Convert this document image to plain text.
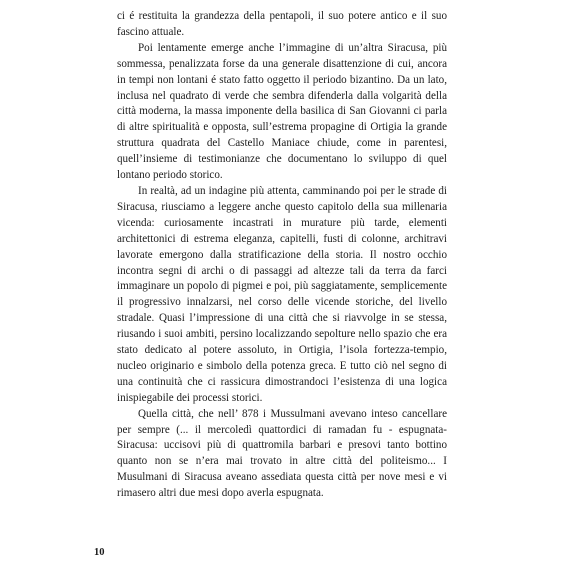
ci é restituita la grandezza della pentapoli, il suo potere antico e il suo fascino attuale.

Poi lentamente emerge anche l’immagine di un’altra Siracusa, più sommessa, penalizzata forse da una generale disattenzione di cui, ancora in tempi non lontani é stato fatto oggetto il periodo bizantino. Da un lato, inclusa nel quadrato di verde che sembra difenderla dalla volgarità della città moderna, la massa imponente della basilica di San Giovanni ci parla di altre spiritualità e opposta, sull’estrema propagine di Ortigia la grande struttura quadrata del Castello Maniace chiude, come in parentesi, quell’insieme di testimonianze che documentano lo sviluppo di quel lontano periodo storico.

In realtà, ad un indagine più attenta, camminando poi per le strade di Siracusa, riusciamo a leggere anche questo capitolo della sua millenaria vicenda: curiosamente incastrati in murature più tarde, elementi architettonici di estrema eleganza, capitelli, fusti di colonne, architravi lavorate emergono dalla stratificazione della storia. Il nostro occhio incontra segni di archi o di passaggi ad altezze tali da terra da farci immaginare un popolo di pigmei e poi, più saggiatamente, semplicemente il progressivo innalzarsi, nel corso delle vicende storiche, del livello stradale. Quasi l’impressione di una città che si riavvolge in se stessa, riusando i suoi ambiti, persino localizzando sepolture nello spazio che era stato dedicato al potere assoluto, in Ortigia, l’isola fortezza-tempio, nucleo originario e simbolo della potenza greca. E tutto ciò nel segno di una continuità che ci rassicura dimostrandoci l’esistenza di una logica inispiegabile dei processi storici.

Quella città, che nell’ 878 i Mussulmani avevano inteso cancellare per sempre (... il mercoledì quattordici di ramadan fu - espugnata- Siracusa: uccisovi più di quattromila barbari e presovi tanto bottino quanto non se n’era mai trovato in altre città del politeismo... I Musulmani di Siracusa aveano assediata questa città per nove mesi e vi rimasero altri due mesi dopo averla espugnata.

10
